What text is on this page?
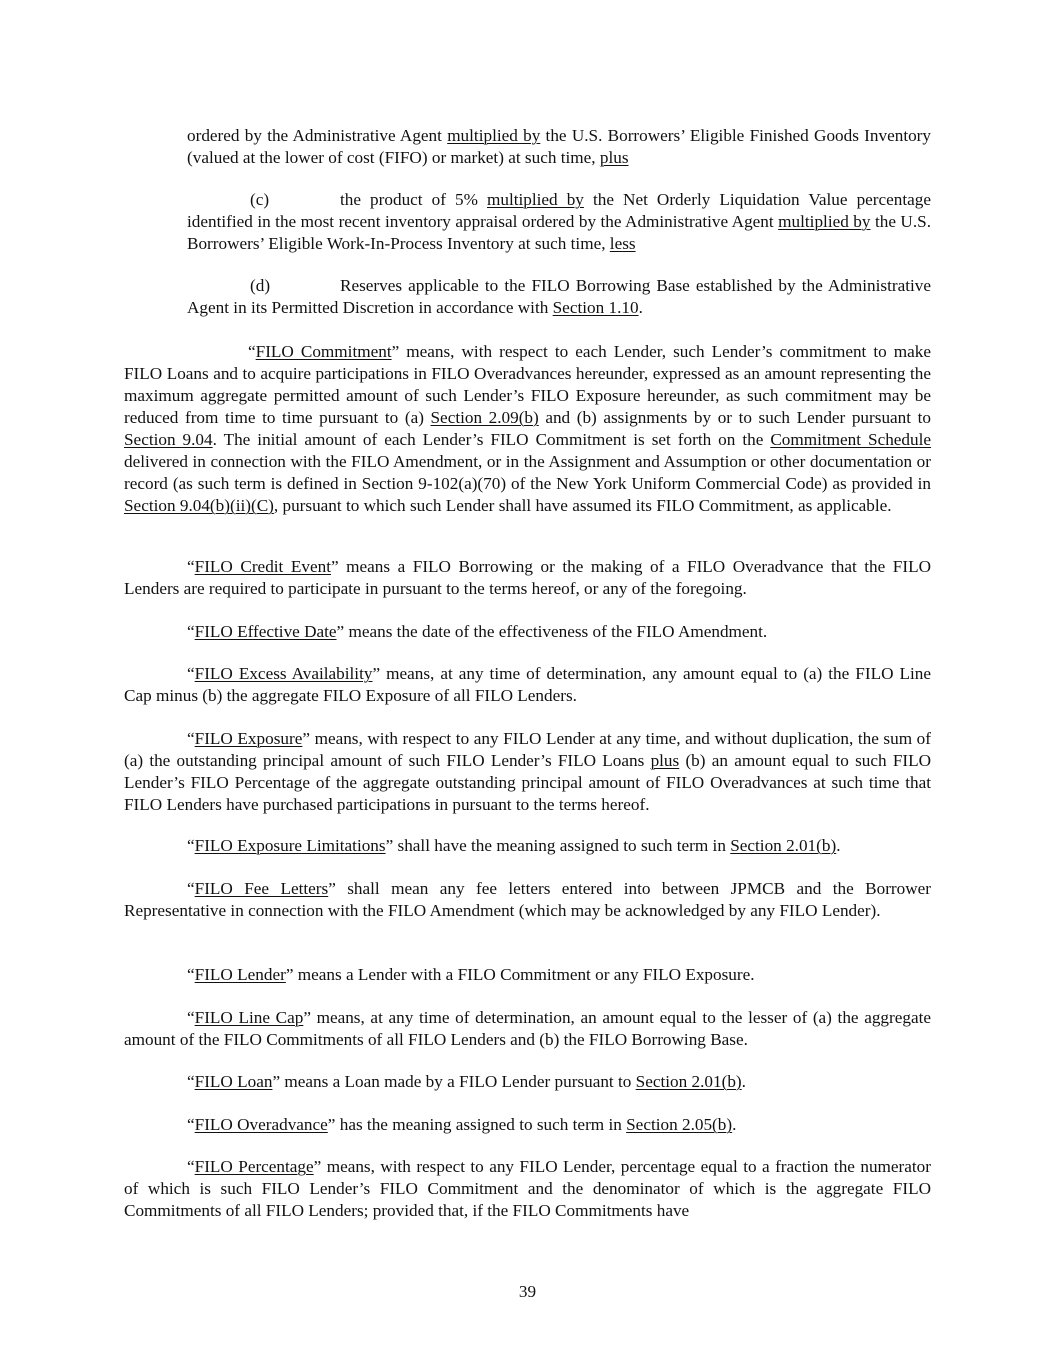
ordered by the Administrative Agent multiplied by the U.S. Borrowers’ Eligible Finished Goods Inventory (valued at the lower of cost (FIFO) or market) at such time, plus

(c)	the product of 5% multiplied by the Net Orderly Liquidation Value percentage identified in the most recent inventory appraisal ordered by the Administrative Agent multiplied by the U.S. Borrowers’ Eligible Work-In-Process Inventory at such time, less

(d)	Reserves applicable to the FILO Borrowing Base established by the Administrative Agent in its Permitted Discretion in accordance with Section 1.10.

“FILO Commitment” means, with respect to each Lender, such Lender’s commitment to make FILO Loans and to acquire participations in FILO Overadvances hereunder, expressed as an amount representing the maximum aggregate permitted amount of such Lender’s FILO Exposure hereunder, as such commitment may be reduced from time to time pursuant to (a) Section 2.09(b) and (b) assignments by or to such Lender pursuant to Section 9.04. The initial amount of each Lender’s FILO Commitment is set forth on the Commitment Schedule delivered in connection with the FILO Amendment, or in the Assignment and Assumption or other documentation or record (as such term is defined in Section 9-102(a)(70) of the New York Uniform Commercial Code) as provided in Section 9.04(b)(ii)(C), pursuant to which such Lender shall have assumed its FILO Commitment, as applicable.

“FILO Credit Event” means a FILO Borrowing or the making of a FILO Overadvance that the FILO Lenders are required to participate in pursuant to the terms hereof, or any of the foregoing.

“FILO Effective Date” means the date of the effectiveness of the FILO Amendment.

“FILO Excess Availability” means, at any time of determination, any amount equal to (a) the FILO Line Cap minus (b) the aggregate FILO Exposure of all FILO Lenders.

“FILO Exposure” means, with respect to any FILO Lender at any time, and without duplication, the sum of (a) the outstanding principal amount of such FILO Lender’s FILO Loans plus (b) an amount equal to such FILO Lender’s FILO Percentage of the aggregate outstanding principal amount of FILO Overadvances at such time that FILO Lenders have purchased participations in pursuant to the terms hereof.

“FILO Exposure Limitations” shall have the meaning assigned to such term in Section 2.01(b).

“FILO Fee Letters” shall mean any fee letters entered into between JPMCB and the Borrower Representative in connection with the FILO Amendment (which may be acknowledged by any FILO Lender).

“FILO Lender” means a Lender with a FILO Commitment or any FILO Exposure.

“FILO Line Cap” means, at any time of determination, an amount equal to the lesser of (a) the aggregate amount of the FILO Commitments of all FILO Lenders and (b) the FILO Borrowing Base.

“FILO Loan” means a Loan made by a FILO Lender pursuant to Section 2.01(b).

“FILO Overadvance” has the meaning assigned to such term in Section 2.05(b).

“FILO Percentage” means, with respect to any FILO Lender, percentage equal to a fraction the numerator of which is such FILO Lender’s FILO Commitment and the denominator of which is the aggregate FILO Commitments of all FILO Lenders; provided that, if the FILO Commitments have

39
